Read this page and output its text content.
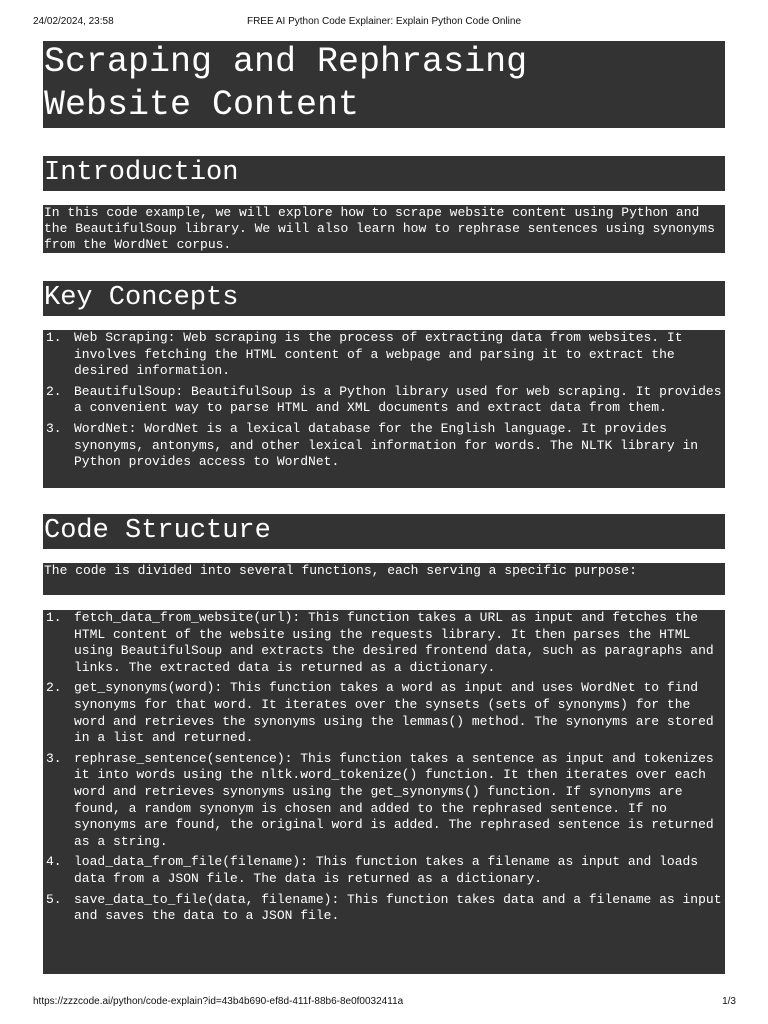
24/02/2024, 23:58	FREE AI Python Code Explainer: Explain Python Code Online
Scraping and Rephrasing
Website Content
Introduction
In this code example, we will explore how to scrape website content using Python and the BeautifulSoup library. We will also learn how to rephrase sentences using synonyms from the WordNet corpus.
Key Concepts
1. Web Scraping: Web scraping is the process of extracting data from websites. It involves fetching the HTML content of a webpage and parsing it to extract the desired information.
2. BeautifulSoup: BeautifulSoup is a Python library used for web scraping. It provides a convenient way to parse HTML and XML documents and extract data from them.
3. WordNet: WordNet is a lexical database for the English language. It provides synonyms, antonyms, and other lexical information for words. The NLTK library in Python provides access to WordNet.
Code Structure
The code is divided into several functions, each serving a specific purpose:
1. fetch_data_from_website(url): This function takes a URL as input and fetches the HTML content of the website using the requests library. It then parses the HTML using BeautifulSoup and extracts the desired frontend data, such as paragraphs and links. The extracted data is returned as a dictionary.
2. get_synonyms(word): This function takes a word as input and uses WordNet to find synonyms for that word. It iterates over the synsets (sets of synonyms) for the word and retrieves the synonyms using the lemmas() method. The synonyms are stored in a list and returned.
3. rephrase_sentence(sentence): This function takes a sentence as input and tokenizes it into words using the nltk.word_tokenize() function. It then iterates over each word and retrieves synonyms using the get_synonyms() function. If synonyms are found, a random synonym is chosen and added to the rephrased sentence. If no synonyms are found, the original word is added. The rephrased sentence is returned as a string.
4. load_data_from_file(filename): This function takes a filename as input and loads data from a JSON file. The data is returned as a dictionary.
5. save_data_to_file(data, filename): This function takes data and a filename as input and saves the data to a JSON file.
https://zzzcode.ai/python/code-explain?id=43b4b690-ef8d-411f-88b6-8e0f0032411a	1/3
